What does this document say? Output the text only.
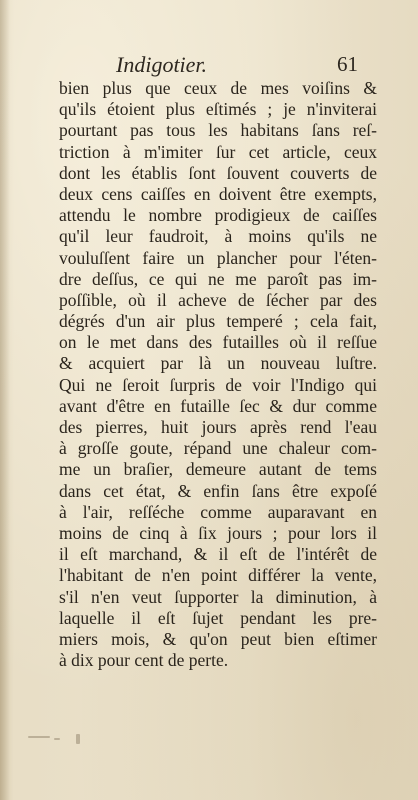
Indigotier.	61
bien plus que ceux de mes voiſins &
qu'ils étoient plus eſtimés ; je n'inviterai
pourtant pas tous les habitans ſans reſ-
triction à m'imiter ſur cet article, ceux
dont les établis ſont ſouvent couverts de
deux cens caiſſes en doivent être exempts,
attendu le nombre prodigieux de caiſſes
qu'il leur faudroit, à moins qu'ils ne
vouluſſent faire un plancher pour l'éten-
dre deſſus, ce qui ne me paroît pas im-
poſſible, où il acheve de ſécher par des
dégrés d'un air plus temperé ; cela fait,
on le met dans des futailles où il reſſue
& acquiert par là un nouveau luſtre.
Qui ne ſeroit ſurpris de voir l'Indigo qui
avant d'être en futaille ſec & dur comme
des pierres, huit jours après rend l'eau
à groſſe goute, répand une chaleur com-
me un braſier, demeure autant de tems
dans cet état, & enfin ſans être expoſé
à l'air, reſſéche comme auparavant en
moins de cinq à ſix jours ; pour lors il
il eſt marchand, & il eſt de l'intérêt de
l'habitant de n'en point différer la vente,
s'il n'en veut ſupporter la diminution, à
laquelle il eſt ſujet pendant les pre-
miers mois, & qu'on peut bien eſtimer
à dix pour cent de perte.
